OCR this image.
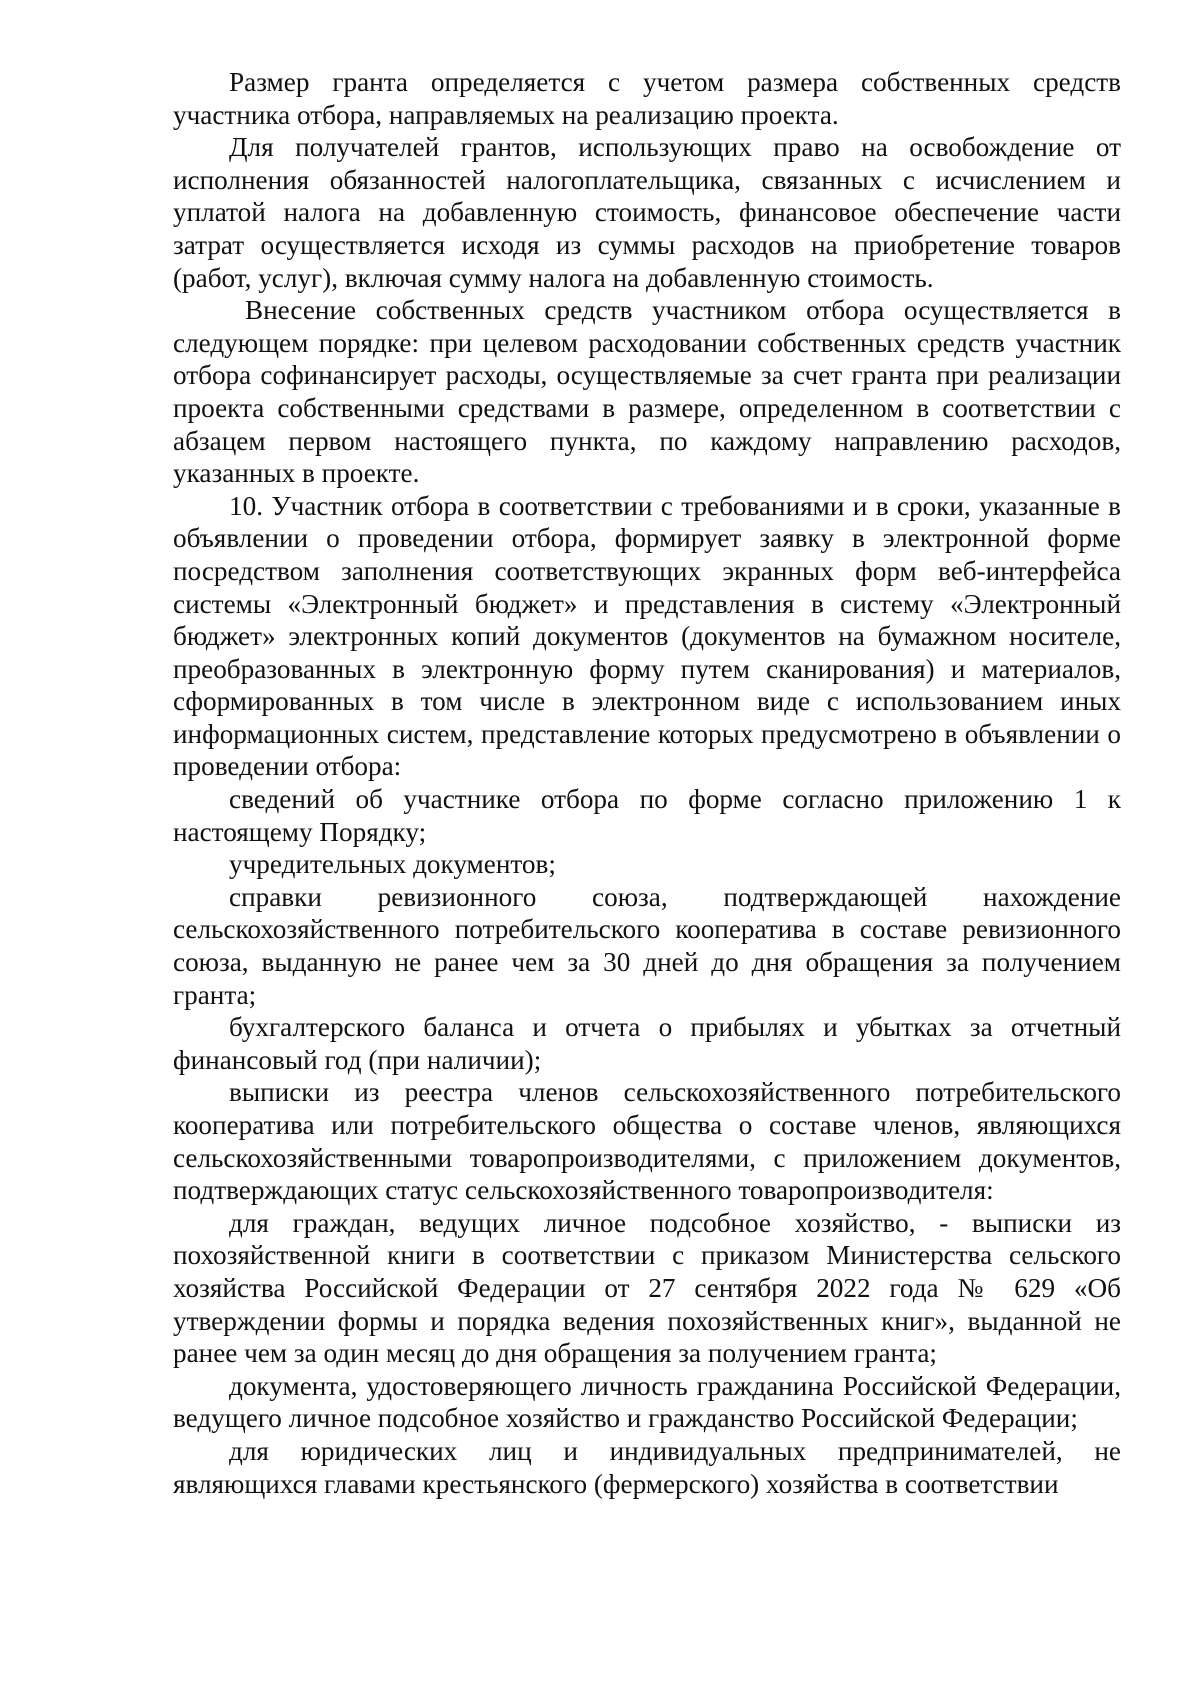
Размер гранта определяется с учетом размера собственных средств участника отбора, направляемых на реализацию проекта.

Для получателей грантов, использующих право на освобождение от исполнения обязанностей налогоплательщика, связанных с исчислением и уплатой налога на добавленную стоимость, финансовое обеспечение части затрат осуществляется исходя из суммы расходов на приобретение товаров (работ, услуг), включая сумму налога на добавленную стоимость.

Внесение собственных средств участником отбора осуществляется в следующем порядке: при целевом расходовании собственных средств участник отбора софинансирует расходы, осуществляемые за счет гранта при реализации проекта собственными средствами в размере, определенном в соответствии с абзацем первом настоящего пункта, по каждому направлению расходов, указанных в проекте.

10. Участник отбора в соответствии с требованиями и в сроки, указанные в объявлении о проведении отбора, формирует заявку в электронной форме посредством заполнения соответствующих экранных форм веб-интерфейса системы «Электронный бюджет» и представления в систему «Электронный бюджет» электронных копий документов (документов на бумажном носителе, преобразованных в электронную форму путем сканирования) и материалов, сформированных в том числе в электронном виде с использованием иных информационных систем, представление которых предусмотрено в объявлении о проведении отбора:

сведений об участнике отбора по форме согласно приложению 1 к настоящему Порядку;

учредительных документов;

справки ревизионного союза, подтверждающей нахождение сельскохозяйственного потребительского кооператива в составе ревизионного союза, выданную не ранее чем за 30 дней до дня обращения за получением гранта;

бухгалтерского баланса и отчета о прибылях и убытках за отчетный финансовый год (при наличии);

выписки из реестра членов сельскохозяйственного потребительского кооператива или потребительского общества о составе членов, являющихся сельскохозяйственными товаропроизводителями, с приложением документов, подтверждающих статус сельскохозяйственного товаропроизводителя:

для граждан, ведущих личное подсобное хозяйство, - выписки из похозяйственной книги в соответствии с приказом Министерства сельского хозяйства Российской Федерации от 27 сентября 2022 года № 629 «Об утверждении формы и порядка ведения похозяйственных книг», выданной не ранее чем за один месяц до дня обращения за получением гранта;

документа, удостоверяющего личность гражданина Российской Федерации, ведущего личное подсобное хозяйство и гражданство Российской Федерации;

для юридических лиц и индивидуальных предпринимателей, не являющихся главами крестьянского (фермерского) хозяйства в соответствии
